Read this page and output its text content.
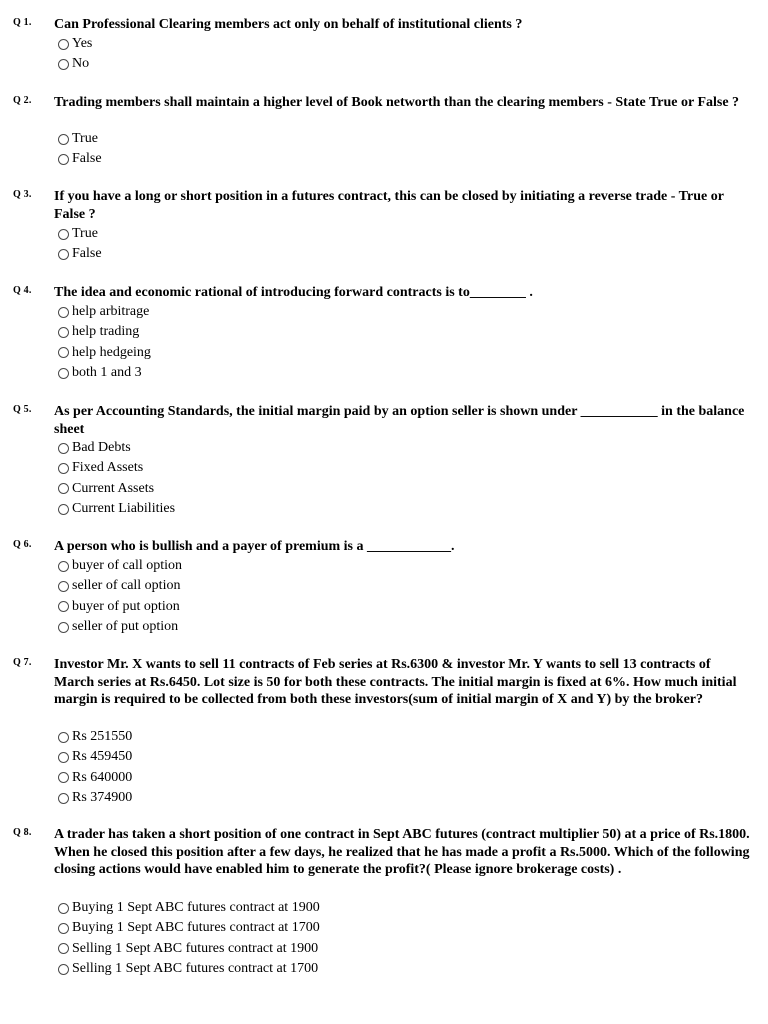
Q 1. Can Professional Clearing members act only on behalf of institutional clients ?
Yes
No
Q 2. Trading members shall maintain a higher level of Book networth than the clearing members - State True or False ?
True
False
Q 3. If you have a long or short position in a futures contract, this can be closed by initiating a reverse trade - True or False ?
True
False
Q 4. The idea and economic rational of introducing forward contracts is to________ .
help arbitrage
help trading
help hedgeing
both 1 and 3
Q 5. As per Accounting Standards, the initial margin paid by an option seller is shown under ___________ in the balance sheet
Bad Debts
Fixed Assets
Current Assets
Current Liabilities
Q 6. A person who is bullish and a payer of premium is a ____________.
buyer of call option
seller of call option
buyer of put option
seller of put option
Q 7. Investor Mr. X wants to sell 11 contracts of Feb series at Rs.6300 & investor Mr. Y wants to sell 13 contracts of March series at Rs.6450. Lot size is 50 for both these contracts. The initial margin is fixed at 6%. How much initial margin is required to be collected from both these investors(sum of initial margin of X and Y) by the broker?
Rs 251550
Rs 459450
Rs 640000
Rs 374900
Q 8. A trader has taken a short position of one contract in Sept ABC futures (contract multiplier 50) at a price of Rs.1800. When he closed this position after a few days, he realized that he has made a profit a Rs.5000. Which of the following closing actions would have enabled him to generate the profit?( Please ignore brokerage costs) .
Buying 1 Sept ABC futures contract at 1900
Buying 1 Sept ABC futures contract at 1700
Selling 1 Sept ABC futures contract at 1900
Selling 1 Sept ABC futures contract at 1700
